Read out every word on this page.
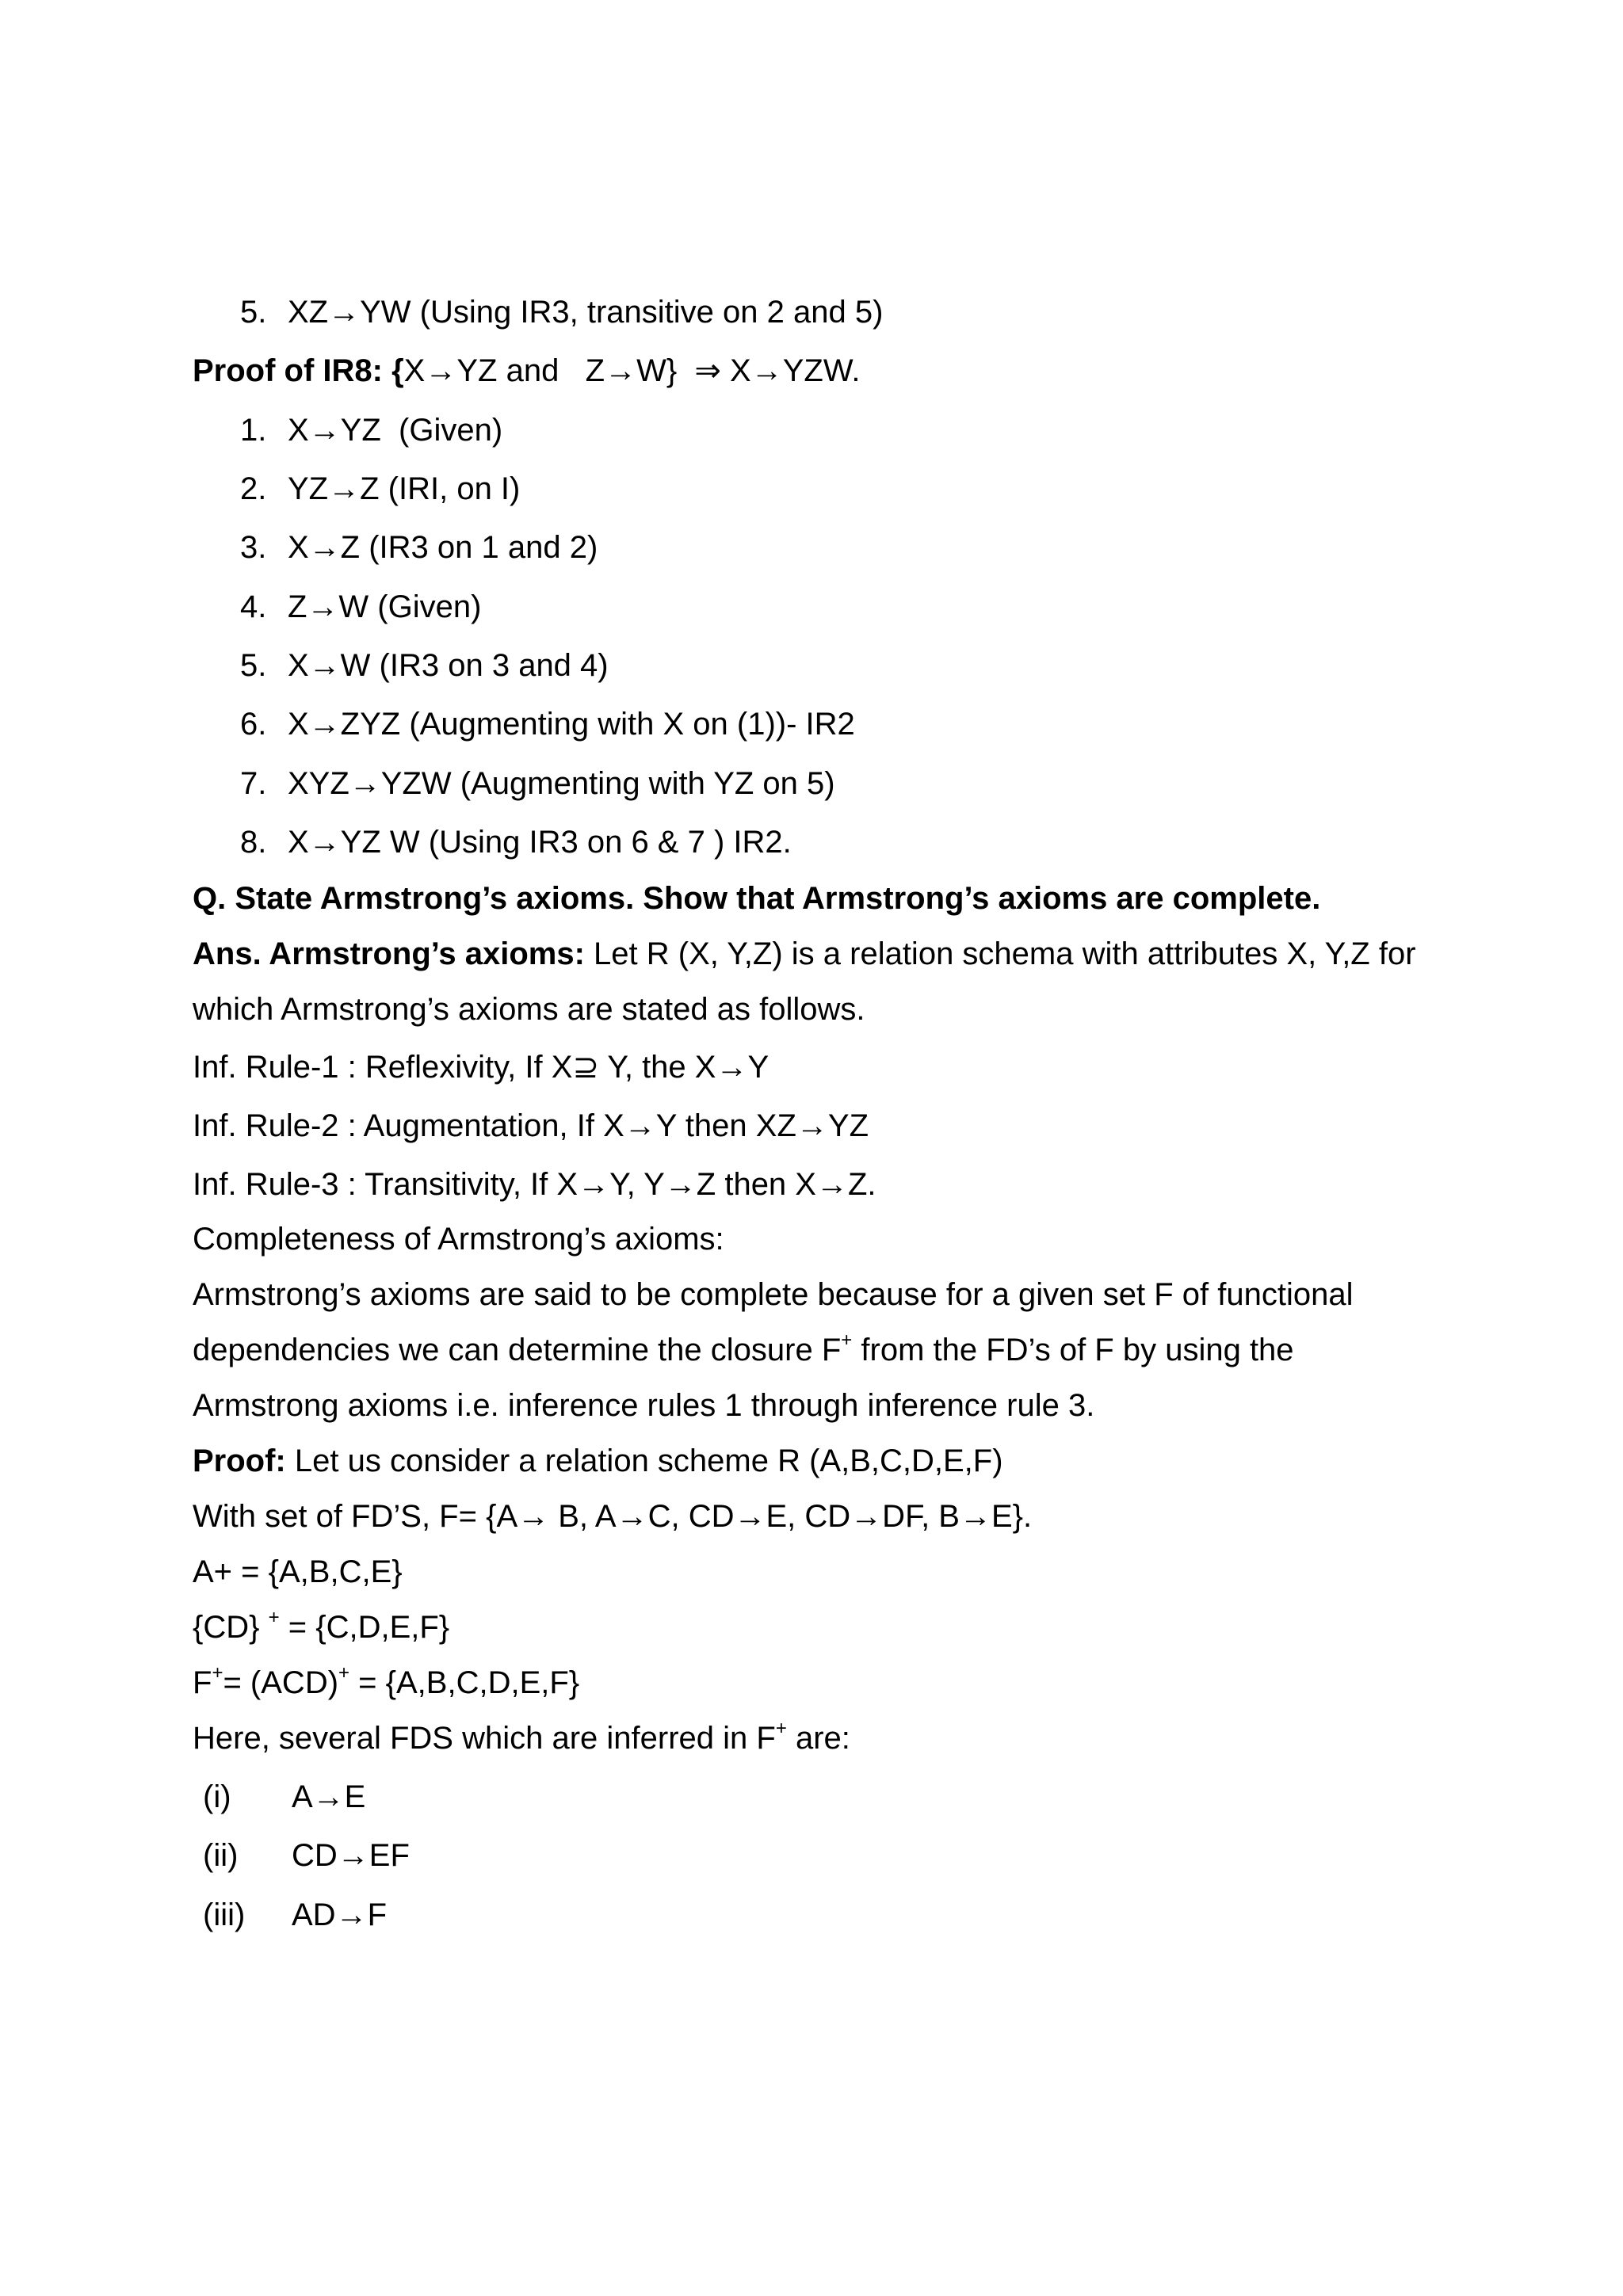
5. XZ→YW (Using IR3, transitive on 2 and 5)
Proof of IR8: {X→YZ and   Z→W}  ⇒ X→YZW.
1. X→YZ  (Given)
2. YZ→Z (IRI, on I)
3. X→Z (IR3 on 1 and 2)
4. Z→W (Given)
5. X→W (IR3 on 3 and 4)
6. X→ZYZ (Augmenting with X on (1))- IR2
7. XYZ→YZW (Augmenting with YZ on 5)
8. X→YZ W (Using IR3 on 6 & 7 ) IR2.
Q. State Armstrong’s axioms. Show that Armstrong’s axioms are complete.
Ans. Armstrong’s axioms: Let R (X, Y,Z) is a relation schema with attributes X, Y,Z for
which Armstrong’s axioms are stated as follows.
Inf. Rule-1 : Reflexivity, If X⊇ Y, the X→Y
Inf. Rule-2 : Augmentation, If X→Y then XZ→YZ
Inf. Rule-3 : Transitivity, If X→Y, Y→Z then X→Z.
Completeness of Armstrong’s axioms:
Armstrong’s axioms are said to be complete because for a given set F of functional
dependencies we can determine the closure F+ from the FD’s of F by using the
Armstrong axioms i.e. inference rules 1 through inference rule 3.
Proof: Let us consider a relation scheme R (A,B,C,D,E,F)
With set of FD’S, F= {A→ B, A→C, CD→E, CD→DF, B→E}.
A+ = {A,B,C,E}
{CD} + = {C,D,E,F}
F+= (ACD)+ = {A,B,C,D,E,F}
Here, several FDS which are inferred in F+ are:
(i) A→E
(ii) CD→EF
(iii) AD→F
